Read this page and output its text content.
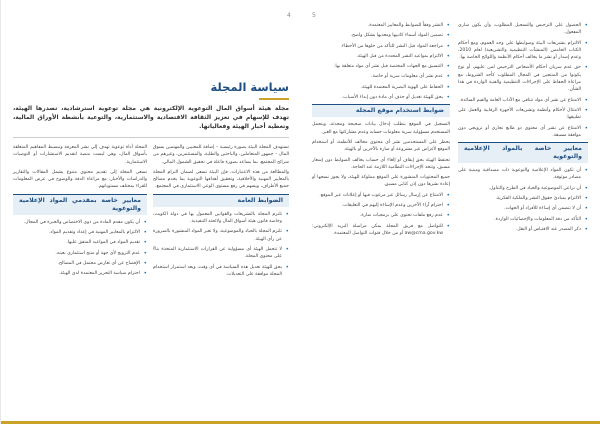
4
سياسة المجلة
مجلة هيئة أسواق المال التوعوية الإلكترونية هي مجلة توعوية استرشادية، تصدرها الهيئة، تهدف للإسهام في تعزيز الثقافة الاقتصادية والاستثمارية، والتوعية بأنشطة الأوراق المالية، وتغطية أخبار الهيئة وفعالياتها.

تستهدف المجلة البيئة بصورة رئيسية – إضافة للمعنيين والمهتمين بسوق المال – جمهور المتعاملين، والباحثين والطلبة، والمستثمرين، وغيرهم من شرائح المجتمع، بما يساعد بصورة فاعلة في تحقيق الشمول المالي.

والمطالعة من هذه الاعتبارات، فإن البيئة تسعى لضمان التزام المجلة بالمعايير المهنية والأخلاقية، وتحقيق أهدافها التوعوية بما يخدم مصالح جميع الأطراف، ويسهم في رفع مستوى الوعي الاستثماري في المجتمع.

الضوابط العامة
• تلتزم المجلة بالتشريعات والقوانين المعمول بها في دولة الكويت، وخاصة قانون هيئة أسواق المال ولائحته التنفيذية.
• تلتزم المجلة بالحياد والموضوعية، ولا تعبر المواد المنشورة بالضرورة عن رأي الهيئة.
• لا تتحمل الهيئة أي مسؤولية عن القرارات الاستثمارية المتخذة بناءً على محتوى المجلة.
• يحق للهيئة تعديل هذه السياسة في أي وقت، ويعد استمرار استخدام المجلة موافقة على التعديلات.

المجلة أداة توعوية تهدف إلى نشر المعرفة وتبسيط المفاهيم المتعلقة بأسواق المال، وهي ليست منصة لتقديم الاستشارات أو التوصيات الاستثمارية.

تسعى المجلة إلى تقديم محتوى متنوع يشمل المقالات والتقارير والدراسات والأخبار، مع مراعاة الدقة والوضوح في عرض المعلومات للقراء بمختلف مستوياتهم.

معايير خاصة بمقدمي المواد الإعلامية والتوعوية
• أن يكون مقدم المادة من ذوي الاختصاص والخبرة في المجال.
• الالتزام بالمعايير المهنية في إعداد وتقديم المواد.
• تقديم المواد في المواعيد المتفق عليها.
• عدم الترويج لأي جهة أو منتج استثماري بعينه.
• الإفصاح عن أي تعارض محتمل في المصالح.
• احترام سياسة التحرير المعتمدة لدى الهيئة.
5
• الحصول على الترخيص والتسجيل المطلوب، وأن يكون ساري المفعول.
• الالتزام بتشريعات البيئة وضوابطها على وجه العموم، ومع أحكام الكتاب الخامس (المنشآت التنظيمية والتشريعية) لعام 2010، وعدم إصدار أو نشر ما يخالف أحكام الأنظمة واللوائح الخاصة بها.
• حق عدم سريان أحكام الأشخاص الترخيص لمن عليهم، أو نوع يكونوا من المنتجين في المجال المطلوب كأحد الشروط، مع مراعاة الحفاظ على الإجراءات التنظيمية والفنية الواردة في هذا الشأن.
• الامتناع عن نشر أي مواد تتنافى مع الآداب العامة والقيم السائدة.
• الامتثال لأحكام وأنظمة وتشريعات الأجهزة الرقابية والعمل على تطبيقها.
• الامتناع عن نشر أي محتوى ذو طابع تجاري أو ترويجي دون موافقة مسبقة.
معايير خاصة بالمواد الإعلامية والتوعوية
• أن تكون المواد الإعلامية والتوعوية ذات مصداقية ومبنية على مصادر موثوقة.
• أن تراعي الموضوعية والحياد في الطرح والتناول.
• الالتزام بمبادئ حقوق النشر والملكية الفكرية.
• أن لا تتضمن أي إساءة للأفراد أو الجهات.
• التأكد من دقة المعلومات والإحصائيات الواردة.
• ذكر المصدر عند الاقتباس أو النقل.
• النشر وفقاً للضوابط والمعايير المعتمدة.
• تضمين المواد أسماء كاتبيها ومعديها بشكل واضح.
• مراجعة المواد قبل النشر للتأكد من خلوها من الأخطاء.
• الالتزام بمواعيد النشر المحددة من قبل الهيئة.
• التنسيق مع الجهات المختصة قبل نشر أي مواد متعلقة بها.
• عدم نشر أي معلومات سرية أو خاصة.
• الحفاظ على الهوية البصرية المعتمدة للهيئة.
• يحق للهيئة تعديل أو حذف أي مادة دون إبداء الأسباب.
ضوابط استخدام موقع المجلة

التسجيل في الموقع يتطلب إدخال بيانات صحيحة ومحدثة، ويتحمل المستخدم مسؤولية سرية معلومات حسابه وعدم مشاركتها مع الغير.

يحظر على المستخدمين نشر أي محتوى مخالف للأنظمة، أو استخدام الموقع لأغراض غير مشروعة أو ضارة بالآخرين أو بالهيئة.

تحتفظ الهيئة بحق إيقاف أو إلغاء أي حساب يخالف الضوابط دون إشعار مسبق، وتتخذ الإجراءات النظامية اللازمة عند الحاجة.

جميع المحتويات المنشورة على الموقع مملوكة للهيئة، ولا يجوز نسخها أو إعادة نشرها دون إذن كتابي مسبق.

• الامتناع عن إرسال رسائل غير مرغوب فيها أو إعلانات عبر الموقع.
• احترام آراء الآخرين وعدم الإساءة إليهم في التعليقات.
• عدم رفع ملفات تحتوي على برمجيات ضارة.
• للتواصل مع فريق المجلة يمكن مراسلة البريد الإلكتروني: aw@cma.gov.kw أو من خلال قنوات التواصل المعتمدة.
